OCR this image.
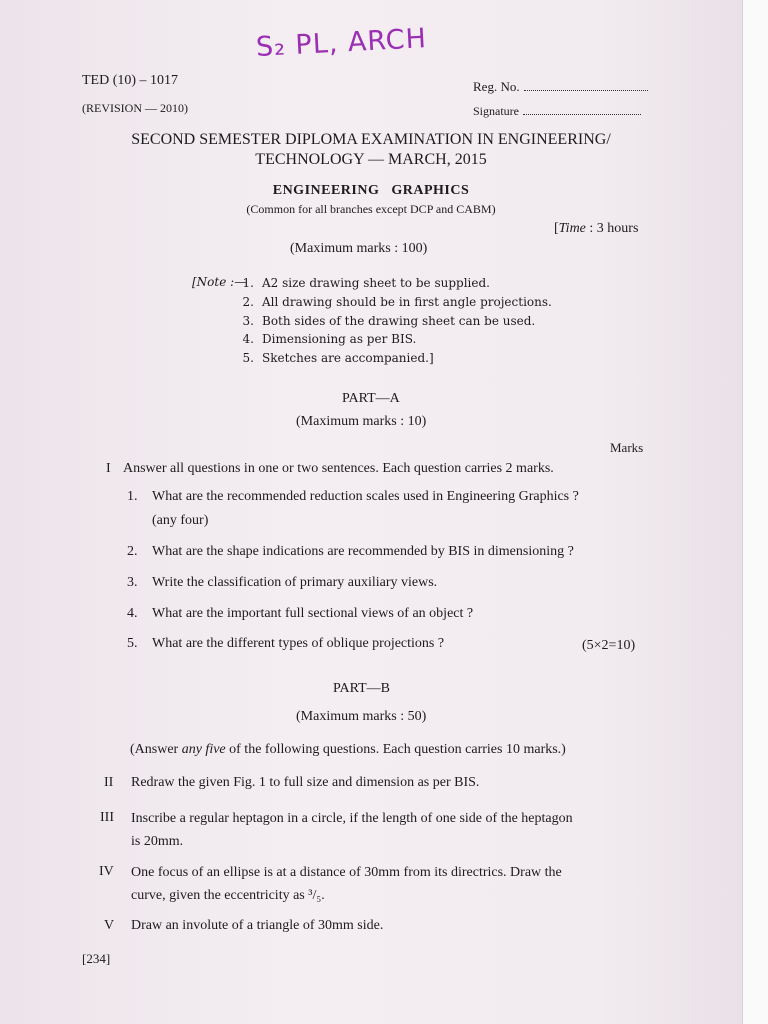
S₂ PL, ARCH
TED (10) – 1017	Reg. No.
(REVISION — 2010)	Signature
SECOND SEMESTER DIPLOMA EXAMINATION IN ENGINEERING/
TECHNOLOGY — MARCH, 2015
ENGINEERING   GRAPHICS
(Common for all branches except DCP and CABM)
[Time : 3 hours
(Maximum marks : 100)
[Note :—
1. A2 size drawing sheet to be supplied.
2. All drawing should be in first angle projections.
3. Both sides of the drawing sheet can be used.
4. Dimensioning as per BIS.
5. Sketches are accompanied.]
PART—A
(Maximum marks : 10)
Marks
I Answer all questions in one or two sentences. Each question carries 2 marks.
1. What are the recommended reduction scales used in Engineering Graphics ?
(any four)
2. What are the shape indications are recommended by BIS in dimensioning ?
3. Write the classification of primary auxiliary views.
4. What are the important full sectional views of an object ?
5. What are the different types of oblique projections ?	(5×2=10)
PART—B
(Maximum marks : 50)
(Answer any five of the following questions. Each question carries 10 marks.)
II Redraw the given Fig. 1 to full size and dimension as per BIS.
III Inscribe a regular heptagon in a circle, if the length of one side of the heptagon
is 20mm.
IV One focus of an ellipse is at a distance of 30mm from its directrics. Draw the
curve, given the eccentricity as ³/₅.
V Draw an involute of a triangle of 30mm side.
[234]
